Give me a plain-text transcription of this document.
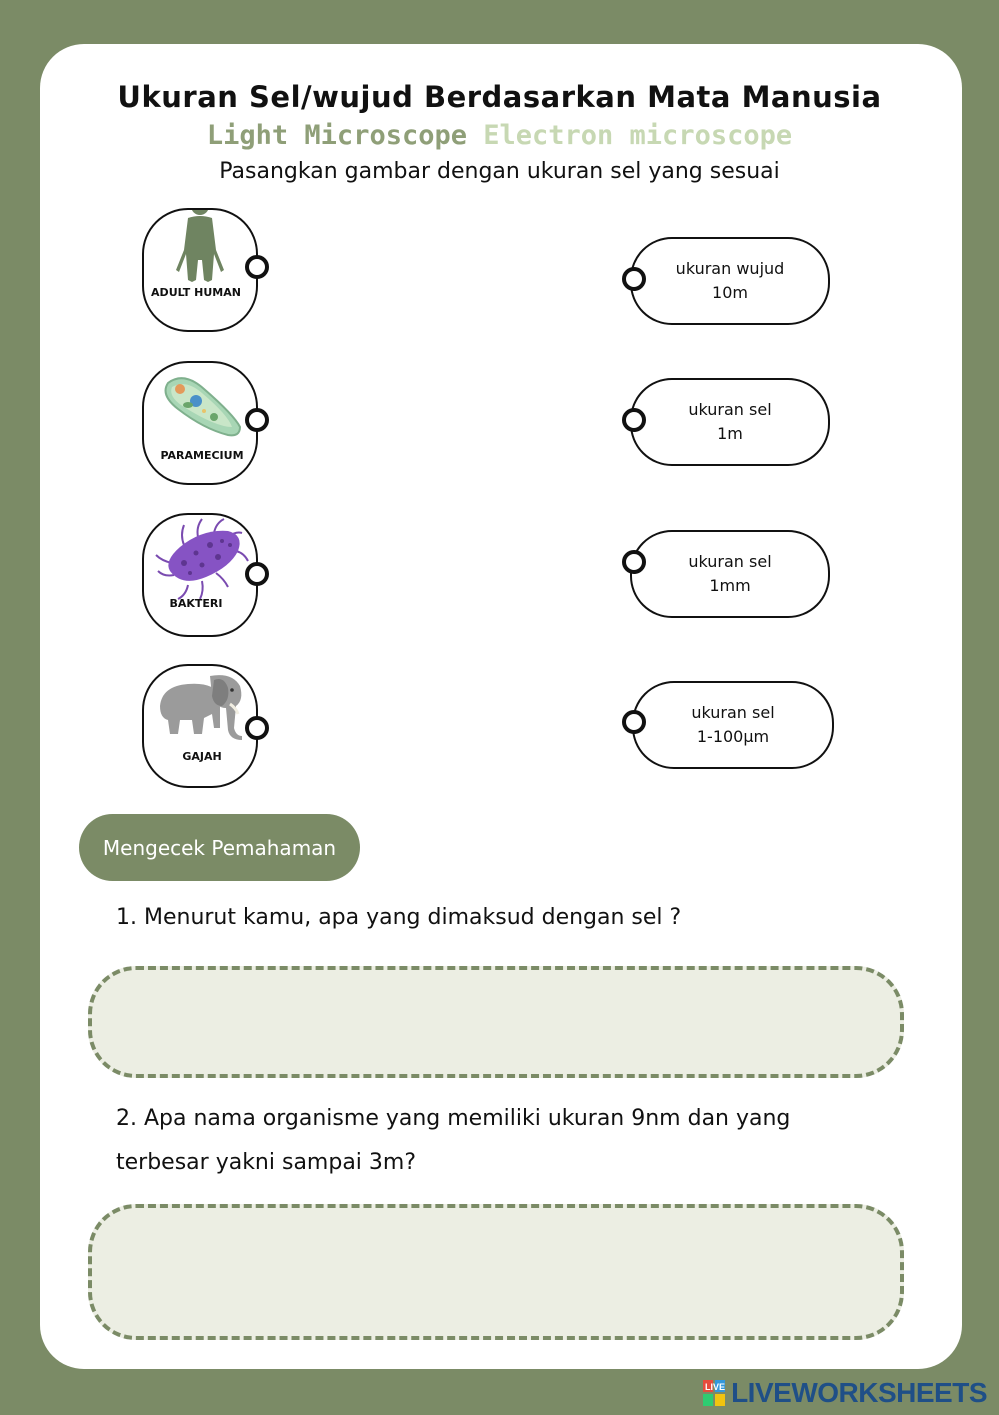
Ukuran Sel/wujud Berdasarkan Mata Manusia
Light Microscope Electron microscope
Pasangkan gambar dengan ukuran sel yang sesuai
ADULT HUMAN
PARAMECIUM
BAKTERI
GAJAH
ukuran wujud
10m
ukuran sel
1m
ukuran sel
1mm
ukuran sel
1-100µm
Mengecek Pemahaman
1. Menurut kamu, apa yang dimaksud dengan sel ?
2. Apa nama organisme yang memiliki ukuran 9nm dan yang
terbesar yakni sampai 3m?
LIVE LIVEWORKSHEETS
